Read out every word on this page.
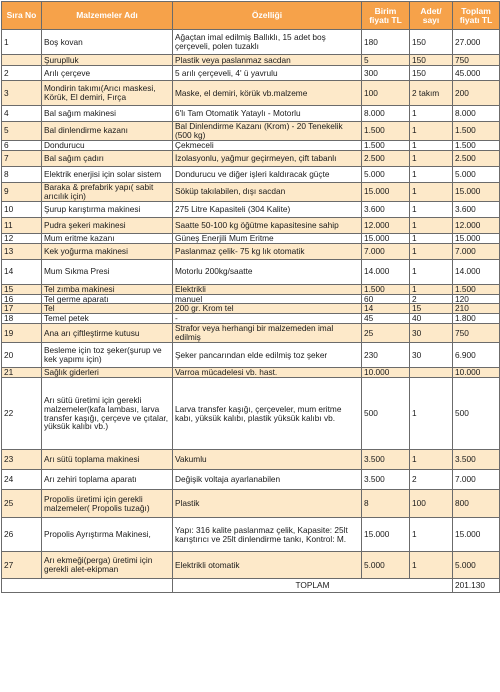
Sıra No	Malzemeler Adı	Özelliği	Birim fiyatı TL	Adet/ sayı	Toplam fiyatı TL
1	Boş kovan	Ağaçtan imal edilmiş Ballıklı, 15 adet boş çerçeveli, polen tuzaklı	180	150	27.000
	Şuruplluk	Plastik veya paslanmaz sacdan	5	150	750
2	Arılı çerçeve	5 arılı çerçeveli, 4' ü yavrulu	300	150	45.000
3	Mondirin takımı(Arıcı maskesi, Körük, El demiri, Fırça	Maske, el demiri, körük vb.malzeme	100	2 takım	200
4	Bal sağım makinesi	6'lı Tam Otomatik Yataylı - Motorlu	8.000	1	8.000
5	Bal dinlendirme kazanı	Bal Dinlendirme Kazanı (Krom) - 20 Tenekelik (500 kg)	1.500	1	1.500
6	Dondurucu	Çekmeceli	1.500	1	1.500
7	Bal sağım çadırı	İzolasyonlu, yağmur geçirmeyen, çift tabanlı	2.500	1	2.500
8	Elektrik enerjisi için solar sistem	Dondurucu ve diğer işleri kaldıracak güçte	5.000	1	5.000
9	Baraka & prefabrik yapı( sabit arıcılık için)	Söküp takılabilen, dışı sacdan	15.000	1	15.000
10	Şurup karıştırma makinesi	275 Litre Kapasiteli (304 Kalite)	3.600	1	3.600
11	Pudra şekeri makinesi	Saatte 50-100 kg öğütme kapasitesine sahip	12.000	1	12.000
12	Mum eritme kazanı	Güneş Enerjili Mum Eritme	15.000	1	15.000
13	Kek yoğurma makinesi	Paslanmaz çelik- 75 kg lık otomatik	7.000	1	7.000
14	Mum Sıkma Presi	Motorlu 200kg/saatte	14.000	1	14.000
15	Tel zımba makinesi	Elektrikli	1.500	1	1.500
16	Tel germe aparatı	manuel	60	2	120
17	Tel	200 gr. Krom tel	14	15	210
18	Temel petek	-	45	40	1.800
19	Ana arı çiftleştirme kutusu	Strafor veya herhangi bir malzemeden imal edilmiş	25	30	750
20	Besleme için toz şeker(şurup ve kek yapımı için)	Şeker pancarından elde edilmiş toz şeker	230	30	6.900
21	Sağlık giderleri	Varroa mücadelesi vb. hast.	10.000		10.000
22	Arı sütü üretimi için gerekli malzemeler(kafa lambası, larva transfer kaşığı, çerçeve ve çıtalar, yüksük kalıbı vb.)	Larva transfer kaşığı, çerçeveler, mum eritme kabı, yüksük kalıbı, plastik yüksük kalıbı vb.	500	1	500
23	Arı sütü toplama makinesi	Vakumlu	3.500	1	3.500
24	Arı zehiri toplama aparatı	Değişik voltaja ayarlanabilen	3.500	2	7.000
25	Propolis üretimi için gerekli malzemeler( Propolis tuzağı)	Plastik	8	100	800
26	Propolis Ayrıştırma Makinesi,	Yapı: 316 kalite paslanmaz çelik, Kapasite: 25lt karıştırıcı ve 25lt dinlendirme tankı, Kontrol: M.	15.000	1	15.000
27	Arı ekmeği(perga) üretimi için gerekli alet-ekipman	Elektrikli otomatik	5.000	1	5.000
		TOPLAM			201.130
